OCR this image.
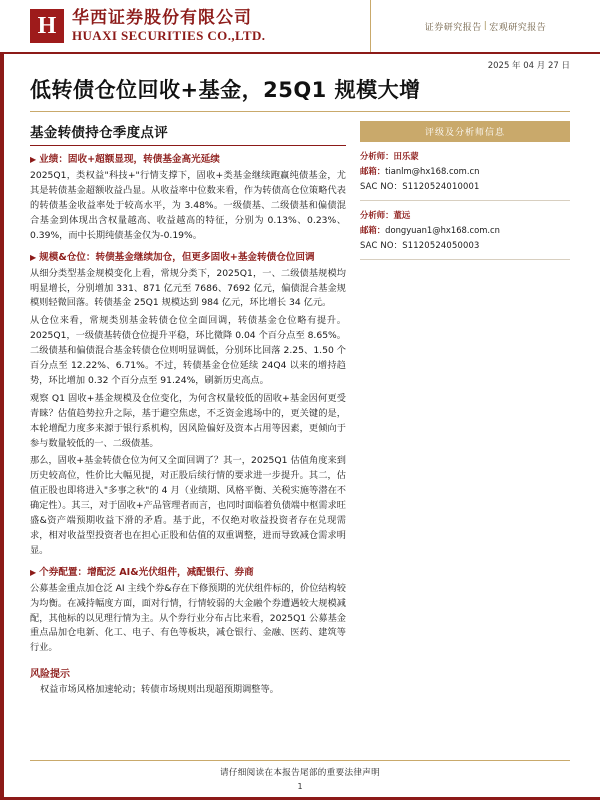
H 华西证券股份有限公司
HUAXI SECURITIES CO.,LTD.
证券研究报告 | 宏观研究报告
2025 年 04 月 27 日
低转债仓位回收+基金，25Q1 规模大增
基金转债持仓季度点评
▶ 业绩：固收+超额显现，转债基金高光延续
2025Q1，类权益"科技+"行情支撑下，固收+类基金继续跑赢纯债基金，尤其是转债基金超额收益凸显。从收益率中位数来看，作为转债高仓位策略代表的转债基金收益率处于较高水平，为 3.48%。一级债基、二级债基和偏债混合基金到体现出含权量越高、收益越高的特征，分别为 0.13%、0.23%、0.39%，而中长期纯债基金仅为-0.19%。
▶ 规模&仓位：转债基金继续加仓，但更多固收+基金转债仓位回调
从细分类型基金规模变化上看，常规分类下，2025Q1，一、二级债基规模均明显增长，分别增加 331、871 亿元至 7686、7692 亿元，偏债混合基金规模则轻微回落。转债基金 25Q1 规模达到 984 亿元，环比增长 34 亿元。
从仓位来看，常规类别基金转债仓位全面回调，转债基金仓位略有提升。2025Q1，一级债基转债仓位提升平稳，环比微降 0.04 个百分点至 8.65%。二级债基和偏债混合基金转债仓位则明显调低，分别环比回落 2.25、1.50 个百分点至 12.22%、6.71%。不过，转债基金仓位延续 24Q4 以来的增持趋势，环比增加 0.32 个百分点至 91.24%，刷新历史高点。
观察 Q1 固收+基金规模及仓位变化，为何含权量较低的固收+基金因何更受青睐？估值趋势拉升之际，基于避空焦虑，不乏资金逃场中的，更关键的是，本轮增配力度多来源于银行系机构，因风险偏好及资本占用等因素，更倾向于参与数量较低的一、二级债基。
那么，固收+基金转债仓位为何又全面回调了？其一，2025Q1 估值角度来到历史较高位，性价比大幅见提，对正股后续行情的要求进一步提升。其二，估值正股也即将进入"多事之秋"的 4 月（业绩期、风格平衡、关税实施等潜在不确定性）。其三，对于固收+产品管理者而言，也同时面临着负债端中枢需求旺盛&资产端预期收益下滑的矛盾。基于此，不仅绝对收益投资者存在兑现需求，相对收益型投资者也在担心正股和估值的双重调整，进而导致减仓需求明显。
▶ 个券配置：增配泛 AI&光伏组件，减配银行、券商
公募基金重点加仓泛 AI 主线个券&存在下修预期的光伏组件标的，价位结构较为均衡。在减持幅度方面，面对行情，行情较弱的大金融个券遭遇较大规模减配，其他标的以见理行情为主。从个券行业分布占比来看，2025Q1 公募基金重点品加仓电新、化工、电子、有色等板块，减仓银行、金融、医药、建筑等行业。
风险提示
权益市场风格加速轮动；转债市场规则出现超预期调整等。
评级及分析师信息
分析师：田乐蒙
邮箱：tianlm@hx168.com.cn
SAC NO：S1120524010001
分析师：董远
邮箱：dongyuan1@hx168.com.cn
SAC NO：S1120524050003
请仔细阅读在本报告尾部的重要法律声明
1
